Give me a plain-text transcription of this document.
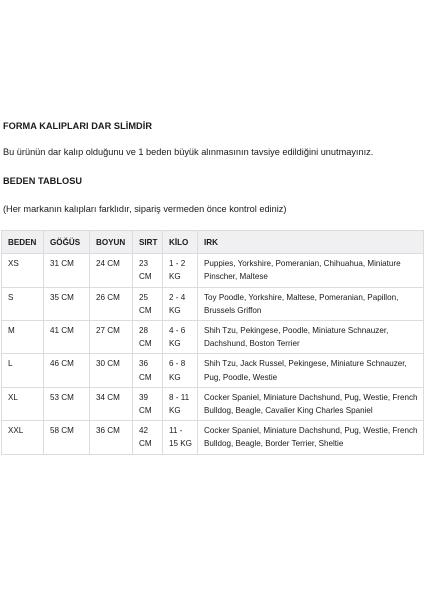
FORMA KALIPLARI DAR SLİMDİR
Bu ürünün dar kalıp olduğunu ve 1 beden büyük alınmasının tavsiye edildiğini unutmayınız.
BEDEN TABLOSU
(Her markanın kalıpları farklıdır, sipariş vermeden önce kontrol ediniz)
BEDEN	GÖĞÜS	BOYUN	SIRT	KİLO	IRK
XS	31 CM	24 CM	23 CM	1 - 2 KG	Puppies, Yorkshire, Pomeranian, Chihuahua, Miniature Pinscher, Maltese
S	35 CM	26 CM	25 CM	2 - 4 KG	Toy Poodle, Yorkshire, Maltese, Pomeranian, Papillon, Brussels Griffon
M	41 CM	27 CM	28 CM	4 - 6 KG	Shih Tzu, Pekingese, Poodle, Miniature Schnauzer, Dachshund, Boston Terrier
L	46 CM	30 CM	36 CM	6 - 8 KG	Shih Tzu, Jack Russel, Pekingese, Miniature Schnauzer, Pug, Poodle, Westie
XL	53 CM	34 CM	39 CM	8 - 11 KG	Cocker Spaniel, Miniature Dachshund, Pug, Westie, French Bulldog, Beagle, Cavalier King Charles Spaniel
XXL	58 CM	36 CM	42 CM	11 - 15 KG	Cocker Spaniel, Miniature Dachshund, Pug, Westie, French Bulldog, Beagle, Border Terrier, Sheltie
